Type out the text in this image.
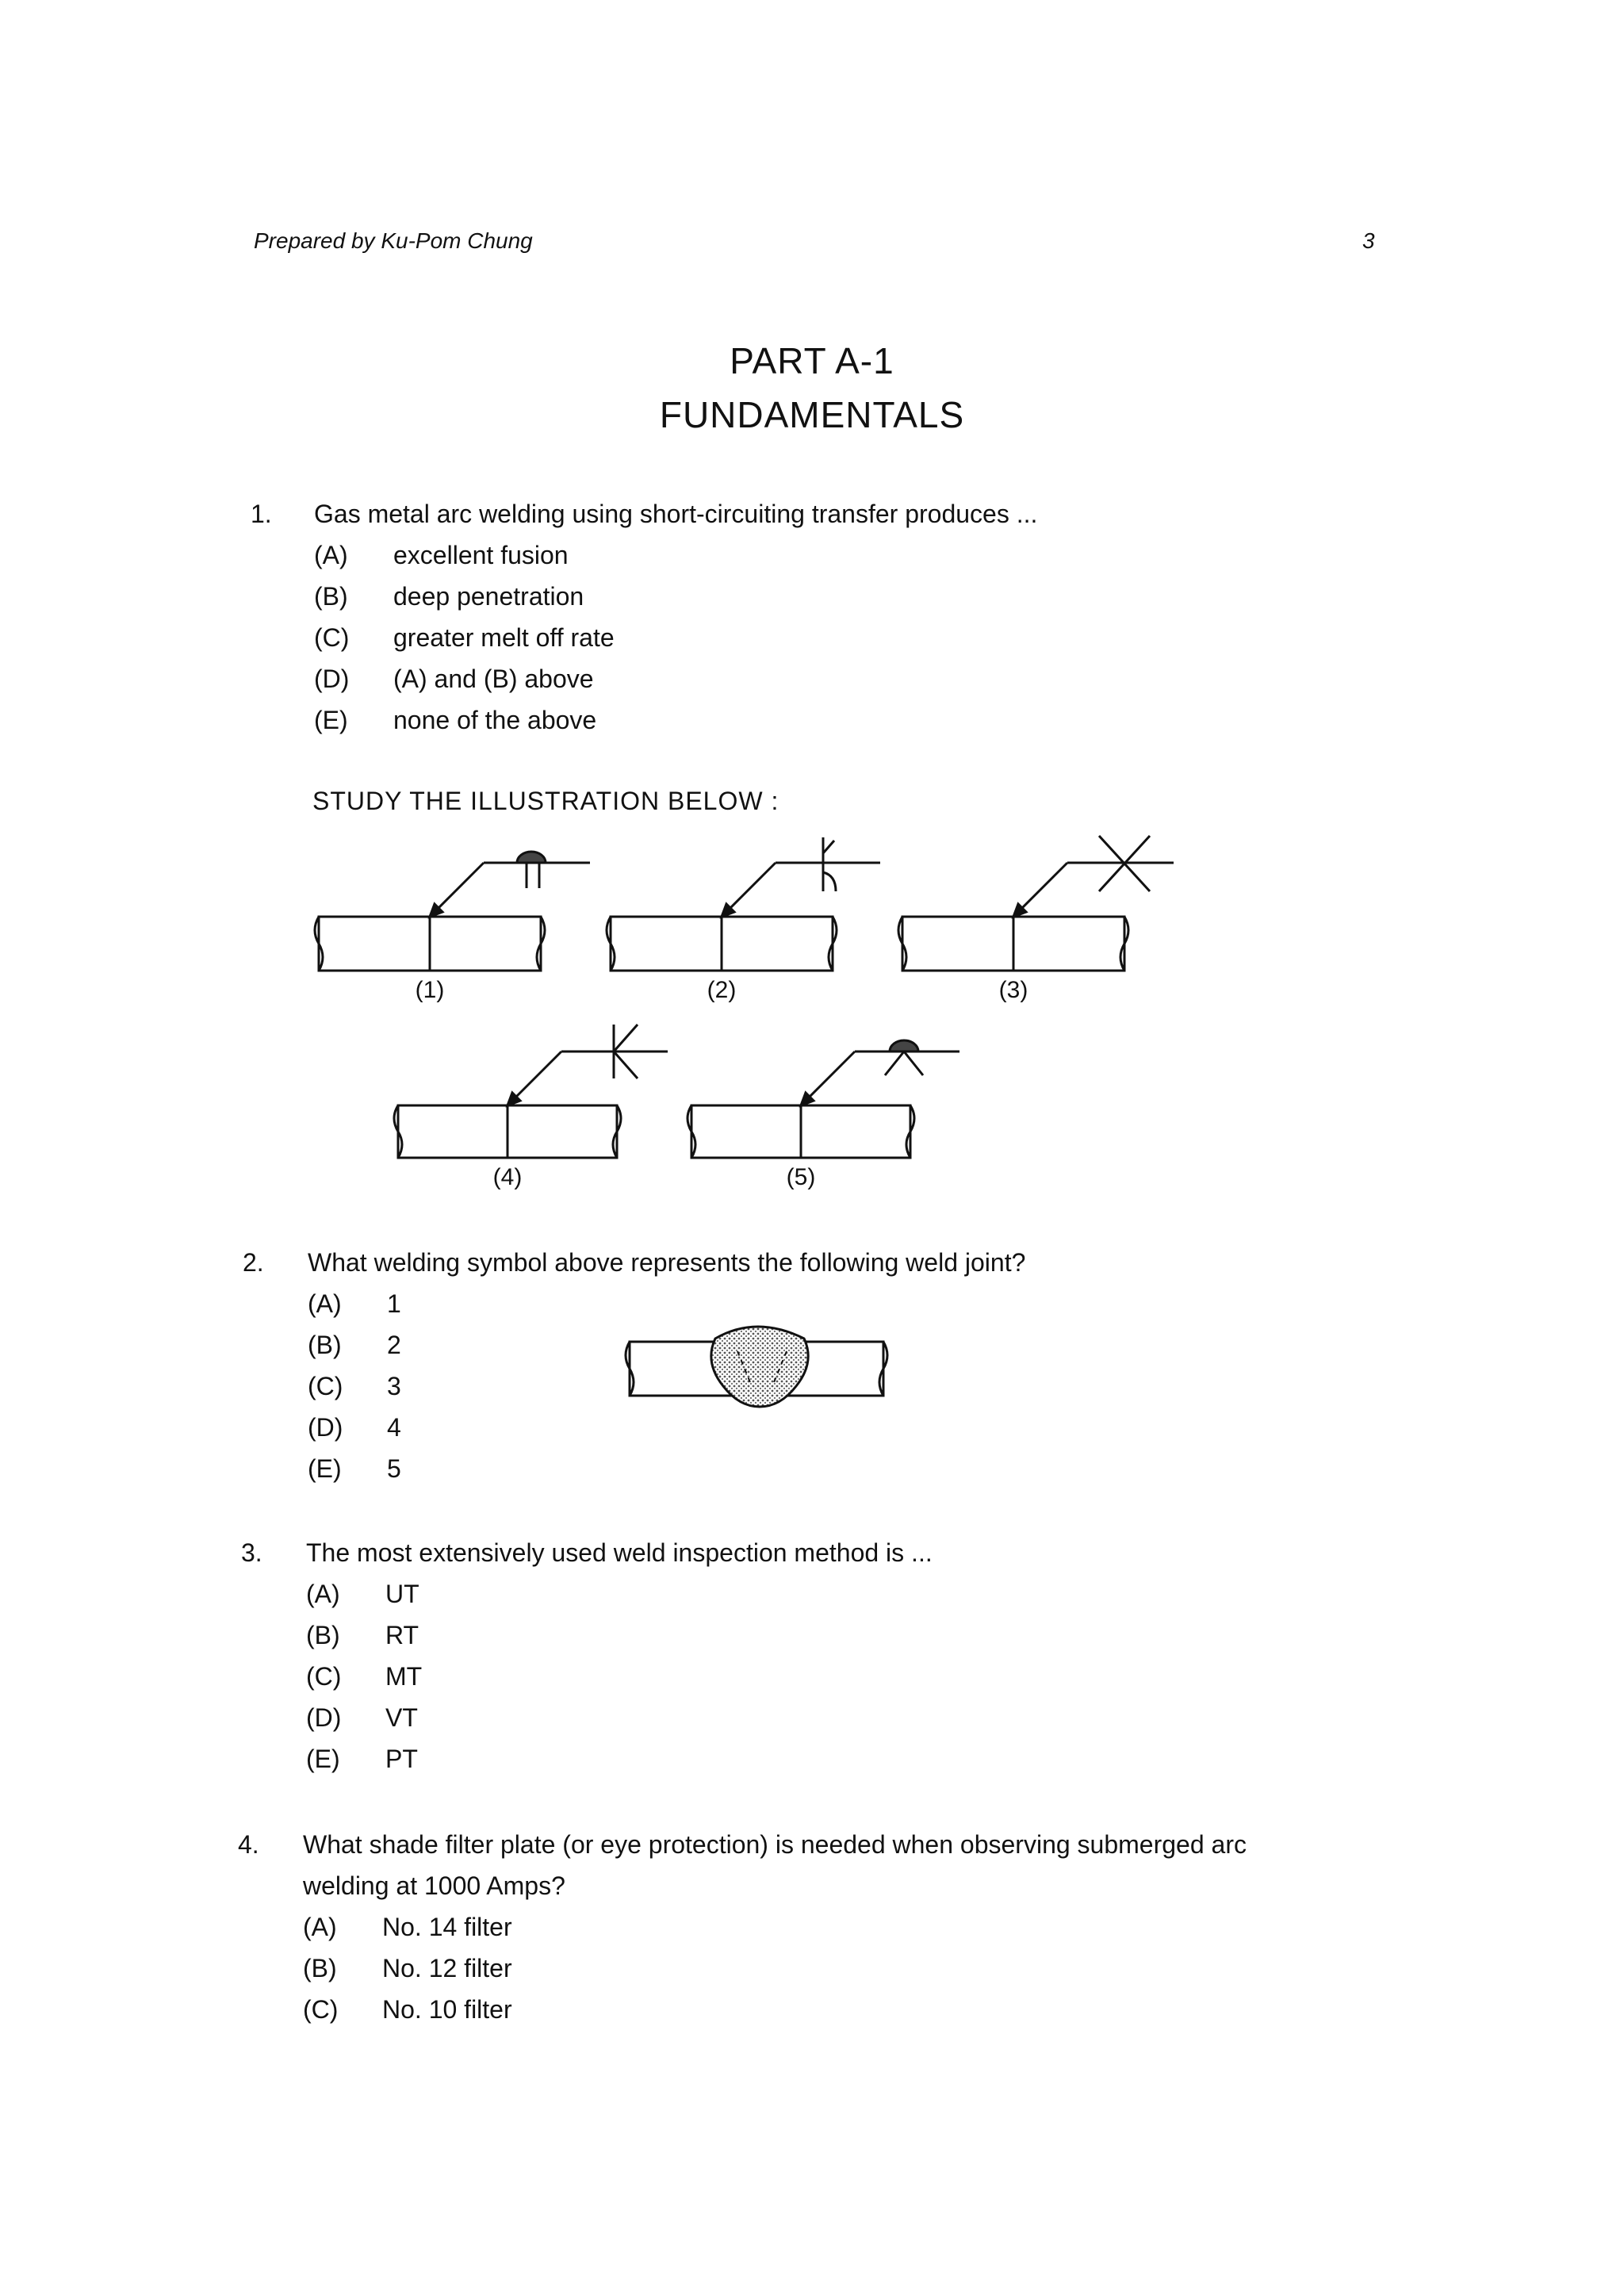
Prepared by Ku-Pom Chung	3
PART A-1
FUNDAMENTALS
1. Gas metal arc welding using short-circuiting transfer produces ...
(A) excellent fusion
(B) deep penetration
(C) greater melt off rate
(D) (A) and (B) above
(E) none of the above
STUDY THE ILLUSTRATION BELOW :
(1)	(2)	(3)
(4)	(5)
2. What welding symbol above represents the following weld joint?
(A) 1
(B) 2
(C) 3
(D) 4
(E) 5
3. The most extensively used weld inspection method is ...
(A) UT
(B) RT
(C) MT
(D) VT
(E) PT
4. What shade filter plate (or eye protection) is needed when observing submerged arc
welding at 1000 Amps?
(A) No. 14 filter
(B) No. 12 filter
(C) No. 10 filter
